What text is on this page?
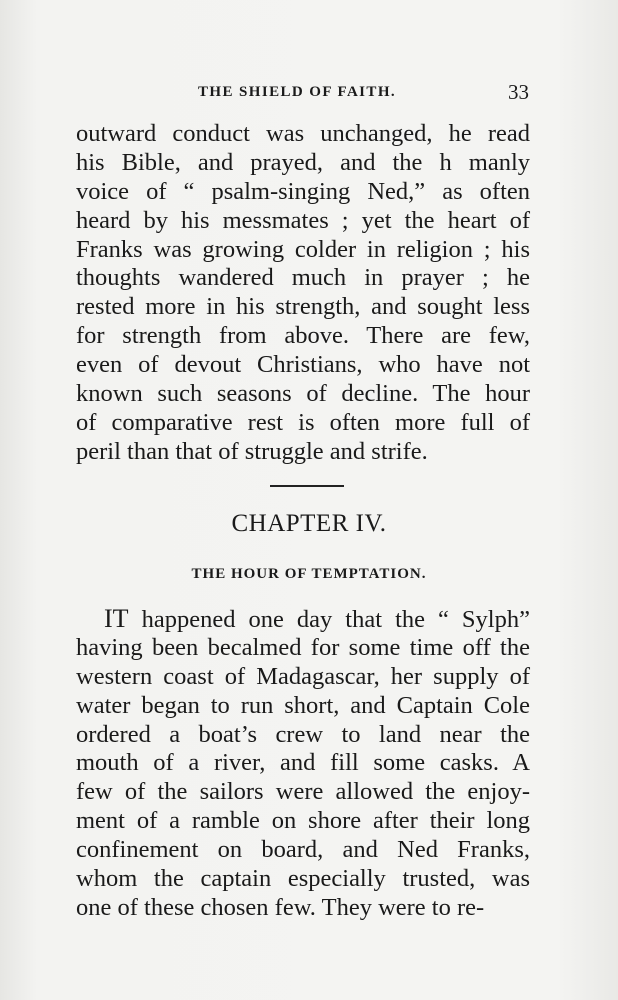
THE SHIELD OF FAITH.	33
outward conduct was unchanged, he read
his Bible, and prayed, and the h manly
voice of “ psalm-singing Ned,” as often
heard by his messmates ; yet the heart of
Franks was growing colder in religion ; his
thoughts wandered much in prayer ; he
rested more in his strength, and sought less
for strength from above. There are few,
even of devout Christians, who have not
known such seasons of decline. The hour
of comparative rest is often more full of
peril than that of struggle and strife.
CHAPTER IV.
THE HOUR OF TEMPTATION.
IT happened one day that the “ Sylph”
having been becalmed for some time off the
western coast of Madagascar, her supply of
water began to run short, and Captain Cole
ordered a boat’s crew to land near the
mouth of a river, and fill some casks. A
few of the sailors were allowed the enjoy-
ment of a ramble on shore after their long
confinement on board, and Ned Franks,
whom the captain especially trusted, was
one of these chosen few. They were to re-
